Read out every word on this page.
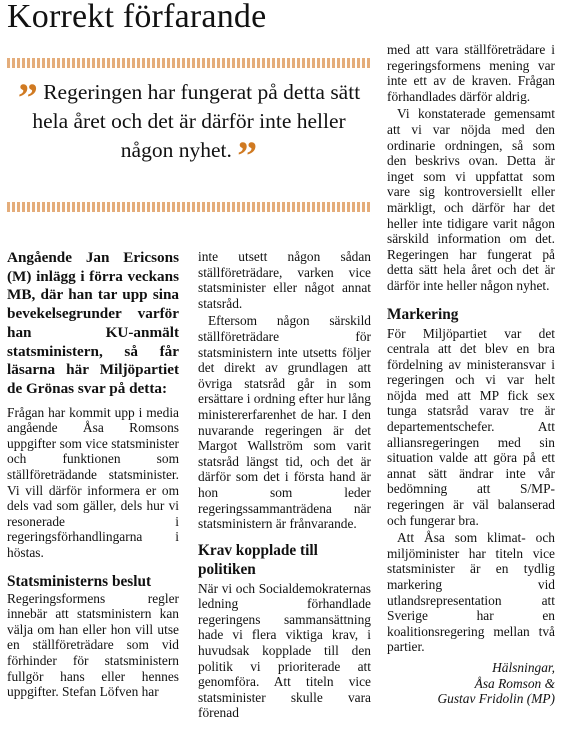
Korrekt förfarande
” Regeringen har fungerat på detta sätt hela året och det är därför inte heller någon nyhet. ”

Angående Jan Ericsons (M) inlägg i förra veckans MB, där han tar upp sina bevekelsegrunder varför han KU-anmält statsministern, så får läsarna här Miljöpartiet de Grönas svar på detta:

Frågan har kommit upp i media angående Åsa Romsons uppgifter som vice statsminister och funktionen som ställföreträdande statsminister. Vi vill därför informera er om dels vad som gäller, dels hur vi resonerade i regeringsförhandlingarna i höstas.

Statsministerns beslut

Regeringsformens regler innebär att statsministern kan välja om han eller hon vill utse en ställföreträdare som vid förhinder för statsministern fullgör hans eller hennes uppgifter. Stefan Löfven har

inte utsett någon sådan ställföreträdare, varken vice statsminister eller något annat statsråd.

Eftersom någon särskild ställföreträdare för statsministern inte utsetts följer det direkt av grundlagen att övriga statsråd går in som ersättare i ordning efter hur lång ministererfarenhet de har. I den nuvarande regeringen är det Margot Wallström som varit statsråd längst tid, och det är därför som det i första hand är hon som leder regeringssammanträdena när statsministern är frånvarande.

Krav kopplade till politiken

När vi och Socialdemokraternas ledning förhandlade regeringens sammansättning hade vi flera viktiga krav, i huvudsak kopplade till den politik vi prioriterade att genomföra. Att titeln vice statsminister skulle vara förenad

med att vara ställföreträdare i regeringsformens mening var inte ett av de kraven. Frågan förhandlades därför aldrig.

Vi konstaterade gemensamt att vi var nöjda med den ordinarie ordningen, så som den beskrivs ovan. Detta är inget som vi uppfattat som vare sig kontroversiellt eller märkligt, och därför har det heller inte tidigare varit någon särskild information om det. Regeringen har fungerat på detta sätt hela året och det är därför inte heller någon nyhet.

Markering

För Miljöpartiet var det centrala att det blev en bra fördelning av ministeransvar i regeringen och vi var helt nöjda med att MP fick sex tunga statsråd varav tre är departementschefer. Att alliansregeringen med sin situation valde att göra på ett annat sätt ändrar inte vår bedömning att S/MP-regeringen är väl balanserad och fungerar bra.

Att Åsa som klimat- och miljöminister har titeln vice statsminister är en tydlig markering vid utlandsrepresentation att Sverige har en koalitionsregering mellan två partier.

Hälsningar,
Åsa Romson &
Gustav Fridolin (MP)
